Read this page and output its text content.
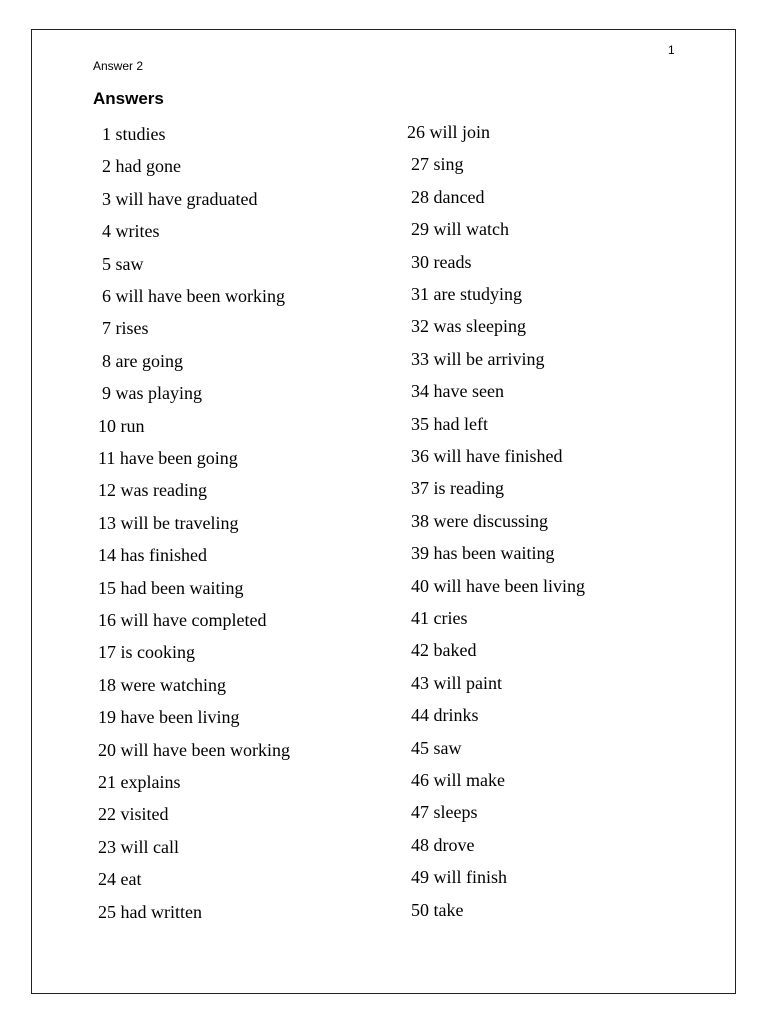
1
Answer 2
Answers
1 studies
2 had gone
3 will have graduated
4 writes
5 saw
6 will have been working
7 rises
8 are going
9 was playing
10 run
11 have been going
12 was reading
13 will be traveling
14 has finished
15 had been waiting
16 will have completed
17 is cooking
18 were watching
19 have been living
20 will have been working
21 explains
22 visited
23 will call
24 eat
25 had written
26 will join
27 sing
28 danced
29 will watch
30 reads
31 are studying
32 was sleeping
33 will be arriving
34 have seen
35 had left
36 will have finished
37 is reading
38 were discussing
39 has been waiting
40 will have been living
41 cries
42 baked
43 will paint
44 drinks
45 saw
46 will make
47 sleeps
48 drove
49 will finish
50 take
